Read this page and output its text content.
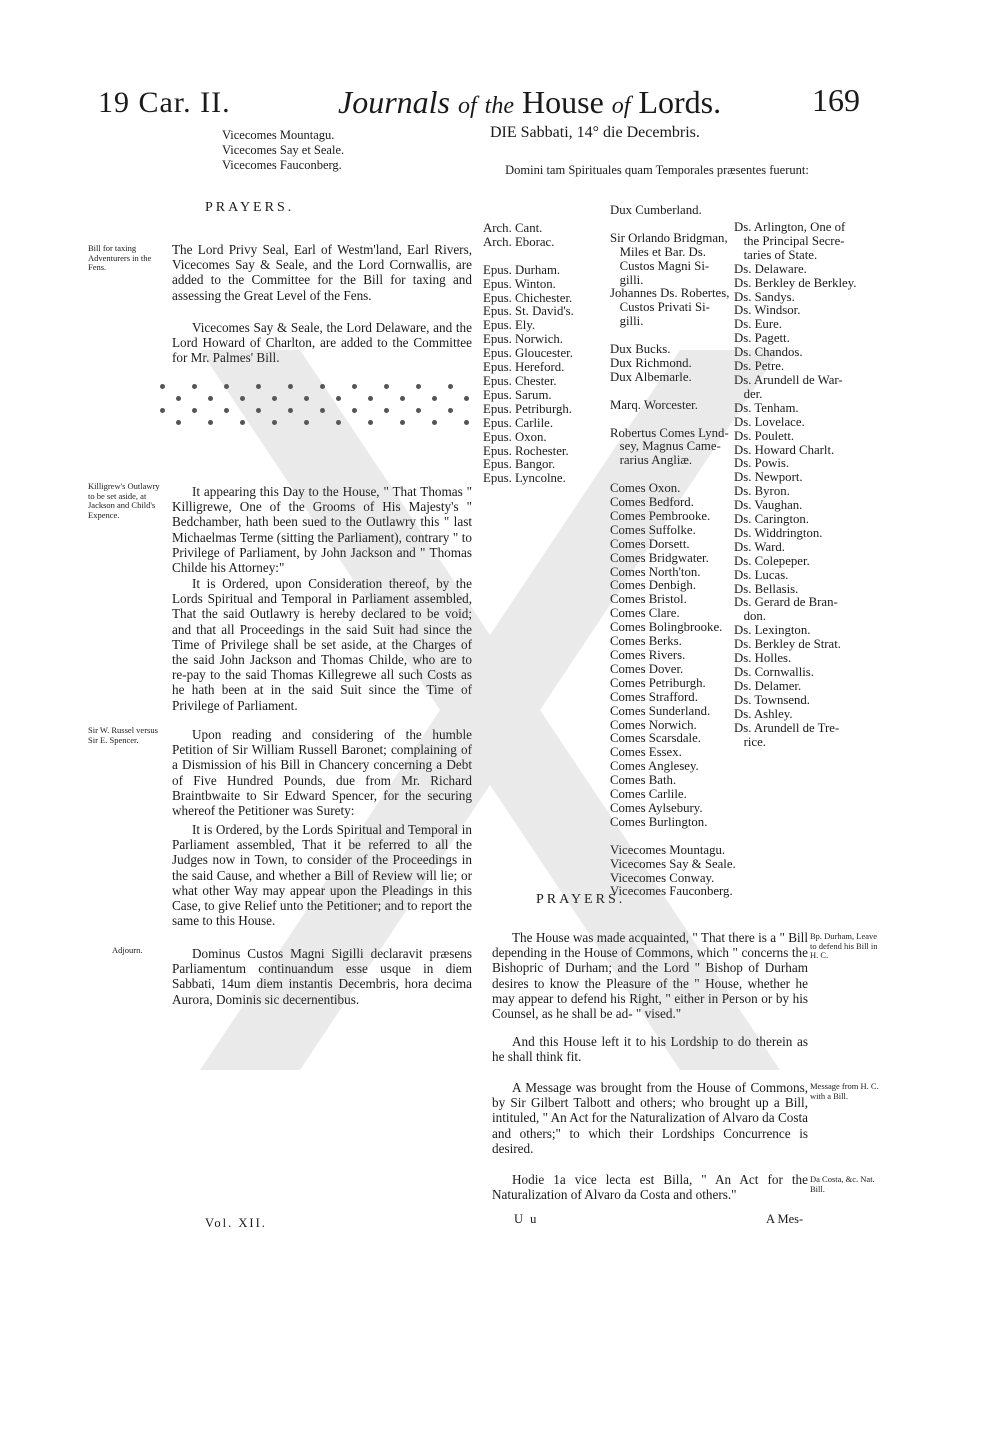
19 Car. II.	Journals of the House of Lords.	169
Vicecomes Mountagu.
Vicecomes Say et Seale.
Vicecomes Fauconberg.
PRAYERS.
Bill for taxing Adventurers in the Fens.

The Lord Privy Seal, Earl of Westm'land, Earl Rivers, Vicecomes Say & Seale, and the Lord Cornwallis, are added to the Committee for the Bill for taxing and assessing the Great Level of the Fens.

Vicecomes Say & Seale, the Lord Delaware, and the Lord Howard of Charlton, are added to the Committee for Mr. Palmes' Bill.

Killigrew's Outlawry to be set aside, at Jackson and Child's Expence.

It appearing this Day to the House, " That Thomas " Killigrewe, One of the Grooms of His Majesty's " Bedchamber, hath been sued to the Outlawry this " last Michaelmas Terme (sitting the Parliament), contrary " to Privilege of Parliament, by John Jackson and " Thomas Childe his Attorney:"

It is Ordered, upon Consideration thereof, by the Lords Spiritual and Temporal in Parliament assembled, That the said Outlawry is hereby declared to be void; and that all Proceedings in the said Suit had since the Time of Privilege shall be set aside, at the Charges of the said John Jackson and Thomas Childe, who are to re-pay to the said Thomas Killegrewe all such Costs as he hath been at in the said Suit since the Time of Privilege of Parliament.

Sir W. Russel versus Sir E. Spencer.	Upon reading and considering of the humble Petition of Sir William Russell Baronet; complaining of a Dismission of his Bill in Chancery concerning a Debt of Five Hundred Pounds, due from Mr. Richard Braintbwaite to Sir Edward Spencer, for the securing whereof the Petitioner was Surety:

It is Ordered, by the Lords Spiritual and Temporal in Parliament assembled, That it be referred to all the Judges now in Town, to consider of the Proceedings in the said Cause, and whether a Bill of Review will lie; or what other Way may appear upon the Pleadings in this Case, to give Relief unto the Petitioner; and to report the same to this House.

Adjourn.	Dominus Custos Magni Sigilli declaravit præsens Parliamentum continuandum esse usque in diem Sabbati, 14um diem instantis Decembris, hora decima Aurora, Dominis sic decernentibus.

Vol. XII.
DIE Sabbati, 14° die Decembris.
Domini tam Spirituales quam Temporales præsentes fuerunt:
Arch. Cant.
Arch. Eborac.

Epus. Durham.
Epus. Winton.
Epus. Chichester.
Epus. St. David's.
Epus. Ely.
Epus. Norwich.
Epus. Gloucester.
Epus. Hereford.
Epus. Chester.
Epus. Sarum.
Epus. Petriburgh.
Epus. Carlile.
Epus. Oxon.
Epus. Rochester.
Epus. Bangor.
Epus. Lyncolne.
Dux Cumberland.

Sir Orlando Bridgman,
Miles et Bar. Ds.
Custos Magni Si-
gilli.
Johannes Ds. Robertes,
Custos Privati Si-
gilli.

Dux Bucks.
Dux Richmond.
Dux Albemarle.

Marq. Worcester.

Robertus Comes Lynd-
sey, Magnus Came-
rarius Angliæ.

Comes Oxon.
Comes Bedford.
Comes Pembrooke.
Comes Suffolke.
Comes Dorsett.
Comes Bridgwater.
Comes North'ton.
Comes Denbigh.
Comes Bristol.
Comes Clare.
Comes Bolingbrooke.
Comes Berks.
Comes Rivers.
Comes Dover.
Comes Petriburgh.
Comes Strafford.
Comes Sunderland.
Comes Norwich.
Comes Scarsdale.
Comes Essex.
Comes Anglesey.
Comes Bath.
Comes Carlile.
Comes Aylsebury.
Comes Burlington.

Vicecomes Mountagu.
Vicecomes Say & Seale.
Vicecomes Conway.
Vicecomes Fauconberg.
Ds. Arlington, One of
the Principal Secre-
taries of State.
Ds. Delaware.
Ds. Berkley de Berkley.
Ds. Sandys.
Ds. Windsor.
Ds. Eure.
Ds. Pagett.
Ds. Chandos.
Ds. Petre.
Ds. Arundell de War-
der.
Ds. Tenham.
Ds. Lovelace.
Ds. Poulett.
Ds. Howard Charlt.
Ds. Powis.
Ds. Newport.
Ds. Byron.
Ds. Vaughan.
Ds. Carington.
Ds. Widdrington.
Ds. Ward.
Ds. Colepeper.
Ds. Lucas.
Ds. Bellasis.
Ds. Gerard de Bran-
don.
Ds. Lexington.
Ds. Berkley de Strat.
Ds. Holles.
Ds. Cornwallis.
Ds. Delamer.
Ds. Townsend.
Ds. Ashley.
Ds. Arundell de Tre-
rice.
PRAYERS.

The House was made acquainted, " That there is a " Bill depending in the House of Commons, which " concerns the Bishopric of Durham; and the Lord " Bishop of Durham desires to know the Pleasure of the " House, whether he may appear to defend his Right, " either in Person or by his Counsel, as he shall be ad- " vised."

Bp. Durham, Leave to defend his Bill in H. C.

And this House left it to his Lordship to do therein as he shall think fit.

A Message was brought from the House of Commons, by Sir Gilbert Talbott and others; who brought up a Bill, intituled, " An Act for the Naturalization of Alvaro da Costa and others;" to which their Lordships Concurrence is desired.

Message from H. C. with a Bill.

Hodie 1a vice lecta est Billa, " An Act for the Naturalization of Alvaro da Costa and others."

Da Costa, &c. Nat. Bill.
U u	A Mes-
